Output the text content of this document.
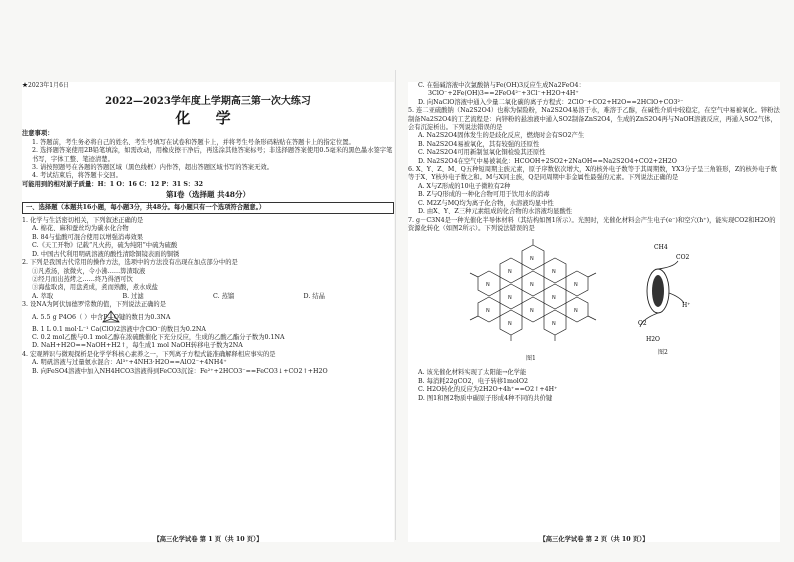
★2023年1月6日
2022—2023学年度上学期高三第一次大练习
化 学
注意事项：

1. 答题前，考生务必将自己的姓名、考生号填写在试卷和答题卡上，并将考生号条形码粘贴在答题卡上的指定位置。

2. 选择题答案使用2B铅笔填涂，如需改动，用橡皮擦干净后，再选涂其他答案标号；非选择题答案使用0.5毫米的黑色墨水签字笔书写，字体工整、笔迹清楚。

3. 请按照题号在各题的答题区域（黑色线框）内作答，超出答题区域书写的答案无效。

4. 考试结束后，将答题卡交回。

可能用到的相对原子质量：H：1 O：16 C：12 P：31 S：32

第Ⅰ卷（选择题 共48分）
一、选择题（本题共16小题，每小题3分，共48分。每小题只有一个选项符合题意。）

1. 化学与生活密切相关，下列叙述正确的是

A. 棉花、麻和蚕丝均为碳水化合物

B. 84与盐酸可混合使用以增强消毒效果

C.《天工开物》记载“凡火药，硫为纯阳”中硫为硫酸

D. 中国古代利用明矾溶液的酸性清除铜镜表面的铜锈

2. 下列是我国古代常用的操作方法，选项中的方法没有出现在加点部分中的是

①凡煮汤，欲微火，令小沸……箅渣取液

②经月而出蒸烤之……终乃得酒可饮

③海盐取卤，用盘煮成，煮而熟酸，煮水成盐

A. 萃取	B. 过滤	C. 蒸馏	D. 结晶

3. 设NA为阿伏加德罗常数的值，下列说法正确的是

A. 5.5 g P4O6（ ）中含P—O键的数目为0.3NA

B. 1 L 0.1 mol·L⁻¹ Ca(ClO)2溶液中含ClO⁻的数目为0.2NA

C. 0.2 mol乙酸与0.1 mol乙醇在浓硫酸催化下充分反应，生成的乙酸乙酯分子数为0.1NA

D. NaH+H2O==NaOH+H2↑，每生成1 mol NaOH转移电子数为2NA

4. 宏观辨识与微观探析是化学学科核心素养之一，下列离子方程式能准确解释相应事实的是

A. 明矾溶液与过量氨水混合：Al³⁺+4NH3·H2O==AlO2⁻+4NH4⁺

B. 向FeSO4溶液中加入NH4HCO3溶液得到FeCO3沉淀：Fe²⁺+2HCO3⁻==FeCO3↓+CO2↑+H2O

【高三化学试卷 第 1 页（共 10 页）】

C. 在强碱溶液中次氯酸钠与Fe(OH)3反应生成Na2FeO4：

3ClO⁻+2Fe(OH)3==2FeO4²⁻+3Cl⁻+H2O+4H⁺

D. 向NaClO溶液中通入少量二氧化碳的离子方程式：2ClO⁻+CO2+H2O==2HClO+CO3²⁻

5. 连二亚硫酸钠（Na2S2O4）也称为保险粉，Na2S2O4易溶于水，难溶于乙醇，在碱性介质中较稳定，在空气中易被氧化。锌粉法制备Na2S2O4的工艺流程是：向锌粉的悬浊液中通入SO2制备ZnS2O4，生成的ZnS2O4再与NaOH溶液反应，再通入SO2气体，会有沉淀析出。下列说法错误的是

A. Na2S2O4固体发生的是歧化反应，燃烧时会有SO2产生

B. Na2S2O4易被氧化，其有较强的还原性

C. Na2S2O4可用新制氢氧化铜检验其还原性

D. Na2S2O4在空气中易被氧化：HCOOH+2SO2+2NaOH==Na2S2O4+CO2+2H2O

6. X、Y、Z、M、Q五种短周期主族元素，原子序数依次增大，X的核外电子数等于其周期数，YX3分子呈三角锥形，Z的核外电子数等于X、Y核外电子数之和。M与X同主族，Q是同周期中非金属性最强的元素。下列说法正确的是

A. X与Z形成的10电子微粒有2种

B. Z与Q形成的一种化合物可用于饮用水的消毒

C. M2Z与MQ均为离子化合物，水溶液均显中性

D. 由X、Y、Z三种元素组成的化合物的水溶液均显酸性

7. g－C3N4是一种光催化半导体材料（其结构如图1所示）。光照时，光催化材料会产生电子(e⁻)和空穴(h⁺)，能实现CO2和H2O的资源化转化（如图2所示）。下列说法错误的是

N
N	N
N
N	N
N	N
N	N	N
N	N
图1
CH4
CO2
H2O
O2
H⁺
图2

A. 该光催化材料实现了太阳能→化学能

B. 每消耗22gCO2，电子转移1molO2

C. H2O转化的反应为2H2O+4h⁺==O2↑+4H⁺

D. 图1和图2物质中碳原子形成4种不同的共价键

【高三化学试卷 第 2 页（共 10 页）】
